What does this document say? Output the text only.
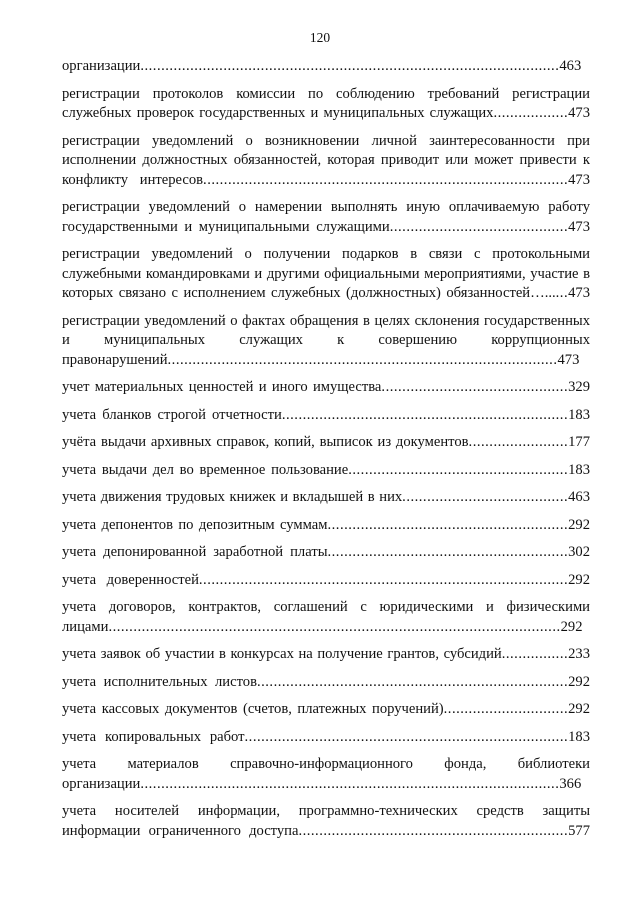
120
организации.....................................................................................................463
регистрации протоколов комиссии по соблюдению требований регистрации служебных проверок государственных и муниципальных служащих..................473
регистрации уведомлений о возникновении личной заинтересованности при исполнении должностных обязанностей, которая приводит или может привести к конфликту интересов........................................................................................473
регистрации уведомлений о намерении выполнять иную оплачиваемую работу государственными и муниципальными служащими...........................................473
регистрации уведомлений о получении подарков в связи с протокольными служебными командировками и другими официальными мероприятиями, участие в которых связано с исполнением служебных (должностных) обязанностей…......473
регистрации уведомлений о фактах обращения в целях склонения государственных и муниципальных служащих к совершению коррупционных правонарушений..............................................................................................473
учет материальных ценностей и иного имущества.............................................329
учета бланков строгой отчетности.....................................................................183
учёта выдачи архивных справок, копий, выписок из документов........................177
учета выдачи дел во временное пользование.....................................................183
учета движения трудовых книжек и вкладышей в них........................................463
учета депонентов по депозитным суммам..........................................................292
учета депонированной заработной платы..........................................................302
учета доверенностей.........................................................................................292
учета договоров, контрактов, соглашений с юридическими и физическими лицами.............................................................................................................292
учета заявок об участии в конкурсах на получение грантов, субсидий................233
учета исполнительных листов...........................................................................292
учета кассовых документов (счетов, платежных поручений)..............................292
учета копировальных работ..............................................................................183
учета материалов справочно-информационного фонда, библиотеки организации.....................................................................................................366
учета носителей информации, программно-технических средств защиты информации ограниченного доступа.................................................................577
